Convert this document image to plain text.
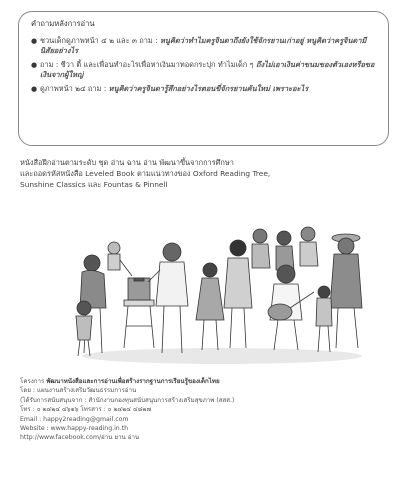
คำถามหลังการอ่าน
● ชวนเด็กดูภาพหน้า ๔ ๒ และ ๓ ถาม : หนูคิดว่าทำไมครูจินดาถึงยังใช้จักรยานเก่าอยู่ หนูคิดว่าครูจินดามีนิสัยอย่างไร
● ถาม : ชีวา ตี้ และเพื่อนทำอะไรเพื่อหาเงินมาทอดกระปุก ทำไมเด็ก ๆ ถึงไม่เอาเงินค่าขนมของตัวเองหรือขอเงินจากผู้ใหญ่
● ดูภาพหน้า ๒๔ ถาม : หนูคิดว่าครูจินดารู้สึกอย่างไรตอนขี่จักรยานคันใหม่ เพราะอะไร
หนังสือฝึกอ่านตามระดับ ชุด อ่าน ฉาน อ่าน พัฒนาขึ้นจากการศึกษา
และถอดรหัสหนังสือ Leveled Book ตามแนวทางของ Oxford Reading Tree,
Sunshine Classics และ Fountas & Pinnell
โครงการ พัฒนาหนังสือและการอ่านเพื่อสร้างรากฐานการเรียนรู้ของเด็กไทย
โดย : แผนงานสร้างเสริมวัฒนธรรมการอ่าน
(ได้รับการสนับสนุนจาก : สำนักงานกองทุนสนับสนุนการสร้างเสริมสุขภาพ (สสส.)
โทร : ๐ ๒๔๒๔ ๔๖๑๖ โทรสาร : ๐ ๒๔๒๔ ๔๘๒๗
Email : happy2reading@gmail.com
Website : www.happy-reading.in.th
http://www.facebook.com/อ่าน ยาน อ่าน
